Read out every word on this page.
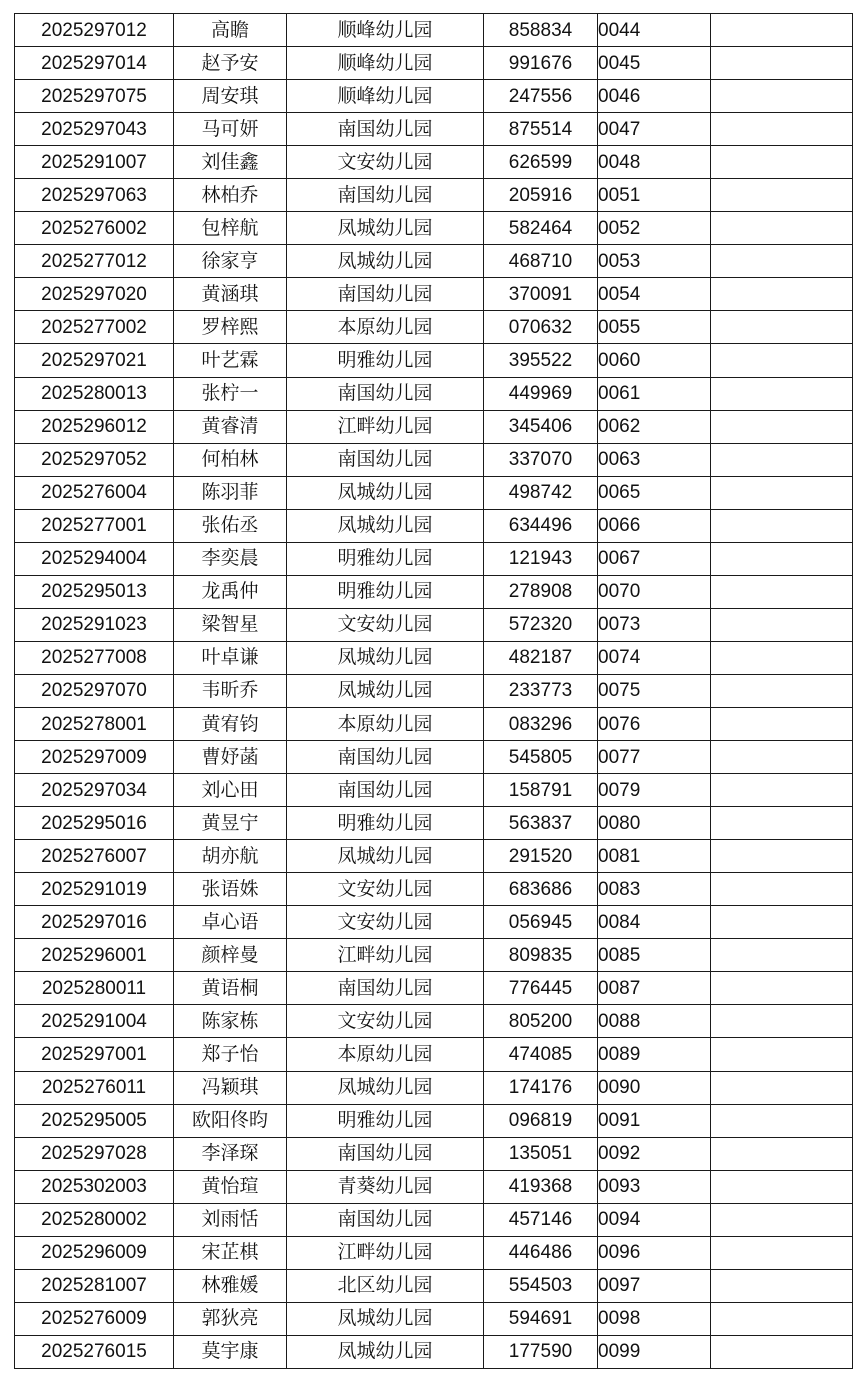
2025297012	高瞻	顺峰幼儿园	858834	0044	
2025297014	赵予安	顺峰幼儿园	991676	0045	
2025297075	周安琪	顺峰幼儿园	247556	0046	
2025297043	马可妍	南国幼儿园	875514	0047	
2025291007	刘佳鑫	文安幼儿园	626599	0048	
2025297063	林柏乔	南国幼儿园	205916	0051	
2025276002	包梓航	凤城幼儿园	582464	0052	
2025277012	徐家亨	凤城幼儿园	468710	0053	
2025297020	黄涵琪	南国幼儿园	370091	0054	
2025277002	罗梓熙	本原幼儿园	070632	0055	
2025297021	叶艺霖	明雅幼儿园	395522	0060	
2025280013	张柠一	南国幼儿园	449969	0061	
2025296012	黄睿清	江畔幼儿园	345406	0062	
2025297052	何柏林	南国幼儿园	337070	0063	
2025276004	陈羽菲	凤城幼儿园	498742	0065	
2025277001	张佑丞	凤城幼儿园	634496	0066	
2025294004	李奕晨	明雅幼儿园	121943	0067	
2025295013	龙禹仲	明雅幼儿园	278908	0070	
2025291023	梁智星	文安幼儿园	572320	0073	
2025277008	叶卓谦	凤城幼儿园	482187	0074	
2025297070	韦昕乔	凤城幼儿园	233773	0075	
2025278001	黄宥钧	本原幼儿园	083296	0076	
2025297009	曹妤菡	南国幼儿园	545805	0077	
2025297034	刘心田	南国幼儿园	158791	0079	
2025295016	黄昱宁	明雅幼儿园	563837	0080	
2025276007	胡亦航	凤城幼儿园	291520	0081	
2025291019	张语姝	文安幼儿园	683686	0083	
2025297016	卓心语	文安幼儿园	056945	0084	
2025296001	颜梓曼	江畔幼儿园	809835	0085	
2025280011	黄语桐	南国幼儿园	776445	0087	
2025291004	陈家栋	文安幼儿园	805200	0088	
2025297001	郑子怡	本原幼儿园	474085	0089	
2025276011	冯颖琪	凤城幼儿园	174176	0090	
2025295005	欧阳佟昀	明雅幼儿园	096819	0091	
2025297028	李泽琛	南国幼儿园	135051	0092	
2025302003	黄怡瑄	青葵幼儿园	419368	0093	
2025280002	刘雨恬	南国幼儿园	457146	0094	
2025296009	宋芷棋	江畔幼儿园	446486	0096	
2025281007	林雅媛	北区幼儿园	554503	0097	
2025276009	郭狄亮	凤城幼儿园	594691	0098	
2025276015	莫宇康	凤城幼儿园	177590	0099	
